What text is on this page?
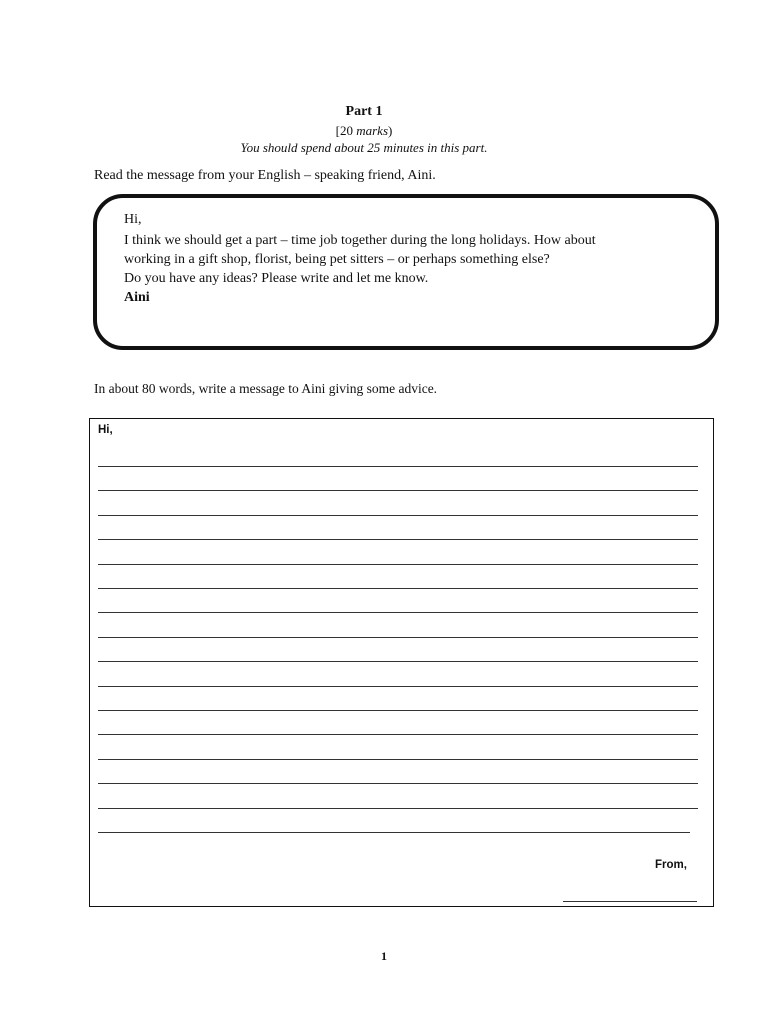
Part 1
[20 marks)
You should spend about 25 minutes in this part.
Read the message from your English – speaking friend, Aini.
Hi,
I think we should get a part – time job together during the long holidays. How about
working in a gift shop, florist, being pet sitters – or perhaps something else?
Do you have any ideas? Please write and let me know.
Aini
In about 80 words, write a message to Aini giving some advice.
Hi,
From,
1
